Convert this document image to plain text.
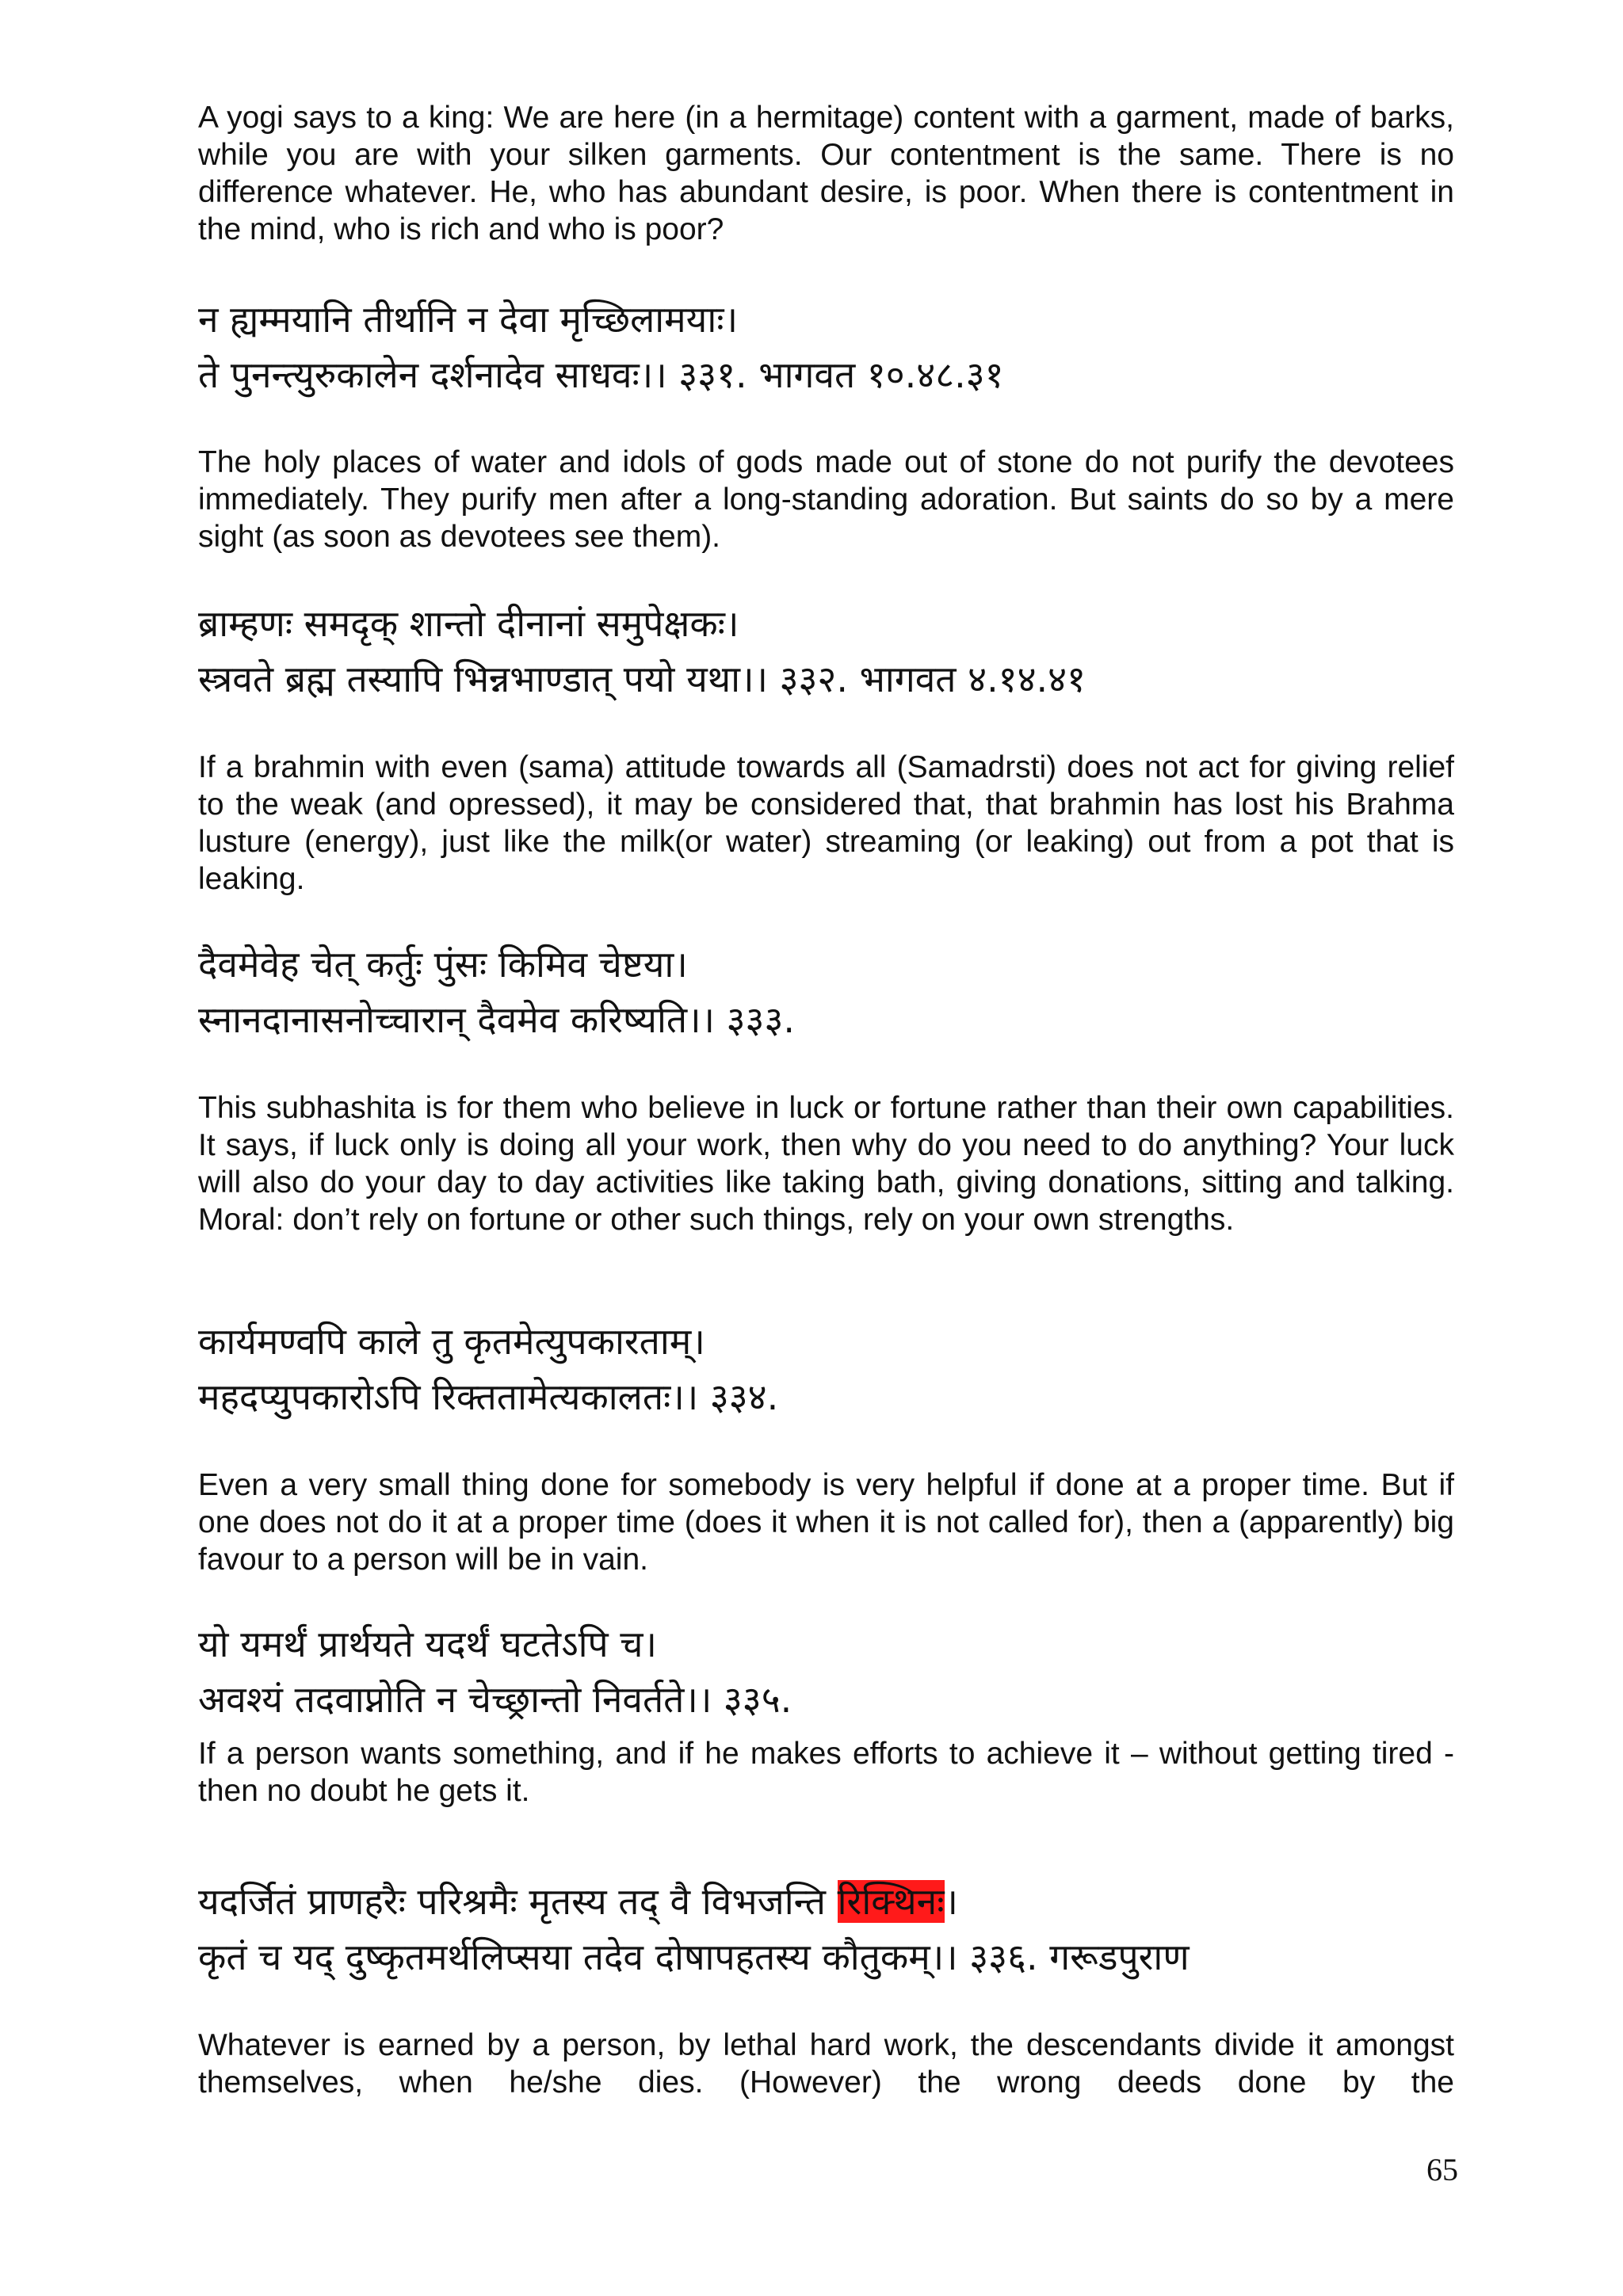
A yogi says to a king: We are here (in a hermitage) content with a garment, made of barks, while you are with your silken garments. Our contentment is the same. There is no difference whatever. He, who has abundant desire, is poor. When there is contentment in the mind, who is rich and who is poor?

न ह्यम्मयानि तीर्थानि न देवा मृच्छिलामयाः।

ते पुनन्त्युरुकालेन दर्शनादेव साधवः।। ३३१. भागवत १०.४८.३१

The holy places of water and idols of gods made out of stone do not purify the devotees immediately. They purify men after a long-standing adoration. But saints do so by a mere sight (as soon as devotees see them).

ब्राम्हणः समदृक् शान्तो दीनानां समुपेक्षकः।

स्त्रवते ब्रह्म तस्यापि भिन्नभाण्डात् पयो यथा।। ३३२. भागवत ४.१४.४१

If a brahmin with even (sama) attitude towards all (Samadrsti) does not act for giving relief to the weak (and opressed), it may be considered that, that brahmin has lost his Brahma lusture (energy), just like the milk(or water) streaming (or leaking) out from a pot that is leaking.

दैवमेवेह चेत् कर्तुः पुंसः किमिव चेष्टया।

स्नानदानासनोच्चारान् दैवमेव करिष्यति।। ३३३.

This subhashita is for them who believe in luck or fortune rather than their own capabilities. It says, if luck only is doing all your work, then why do you need to do anything? Your luck will also do your day to day activities like taking bath, giving donations, sitting and talking. Moral: don’t rely on fortune or other such things, rely on your own strengths.

कार्यमण्वपि काले तु कृतमेत्युपकारताम्।

महदप्युपकारोऽपि रिक्ततामेत्यकालतः।। ३३४.

Even a very small thing done for somebody is very helpful if done at a proper time. But if one does not do it at a proper time (does it when it is not called for), then a (apparently) big favour to a person will be in vain.

यो यमर्थं प्रार्थयते यदर्थं घटतेऽपि च।

अवश्यं तदवाप्नोति न चेच्छ्रान्तो निवर्तते।। ३३५.

If a person wants something, and if he makes efforts to achieve it – without getting tired - then no doubt he gets it.

यदर्जितं प्राणहरैः परिश्रमैः मृतस्य तद् वै विभजन्ति रिक्थिनः।

कृतं च यद् दुष्कृतमर्थलिप्सया तदेव दोषापहतस्य कौतुकम्।। ३३६. गरूडपुराण

Whatever is earned by a person, by lethal hard work, the descendants divide it amongst themselves, when he/she dies. (However) the wrong deeds done by the

65
